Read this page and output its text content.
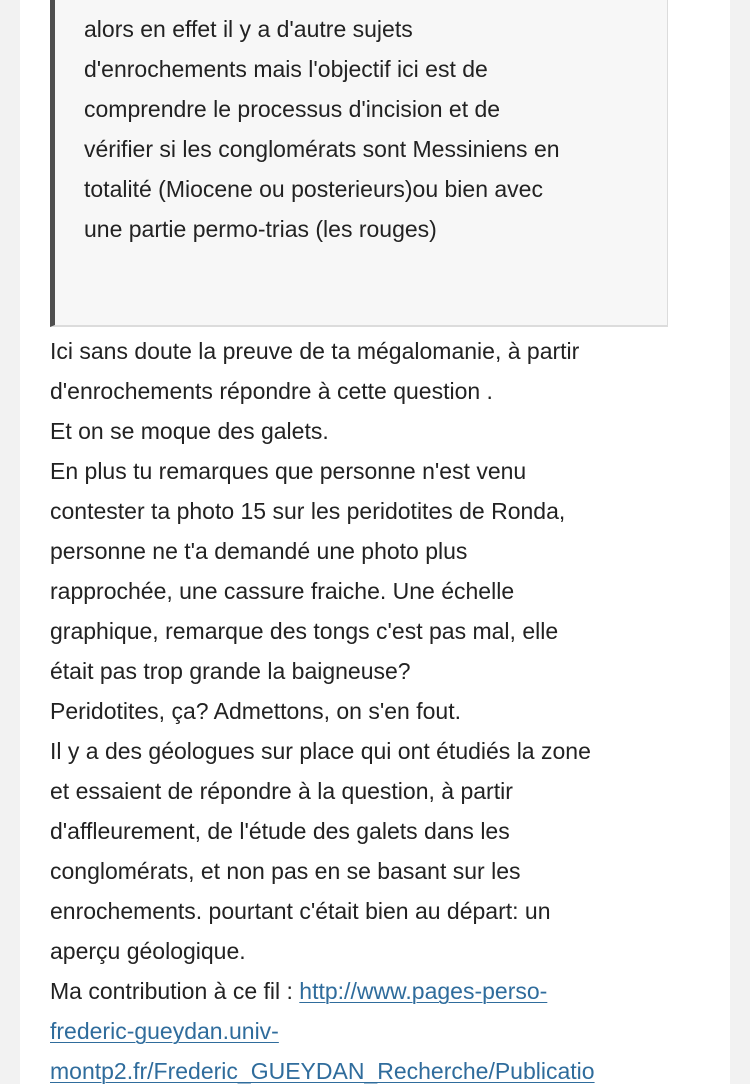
alors en effet il y a d'autre sujets
d'enrochements mais l'objectif ici est de
comprendre le processus d'incision et de
vérifier si les conglomérats sont Messiniens en
totalité (Miocene ou posterieurs)ou bien avec
une partie permo-trias (les rouges)
Ici sans doute la preuve de ta mégalomanie, à partir
d'enrochements répondre à cette question .
Et on se moque des galets.
En plus tu remarques que personne n'est venu
contester ta photo 15 sur les peridotites de Ronda,
personne ne t'a demandé une photo plus
rapprochée, une cassure fraiche. Une échelle
graphique, remarque des tongs c'est pas mal, elle
était pas trop grande la baigneuse?
Peridotites, ça? Admettons, on s'en fout.
Il y a des géologues sur place qui ont étudiés la zone
et essaient de répondre à la question, à partir
d'affleurement, de l'étude des galets dans les
conglomérats, et non pas en se basant sur les
enrochements. pourtant c'était bien au départ: un
aperçu géologique.
Ma contribution à ce fil : http://www.pages-perso-
frederic-gueydan.univ-
montp2.fr/Frederic_GUEYDAN_Recherche/Publicatio
